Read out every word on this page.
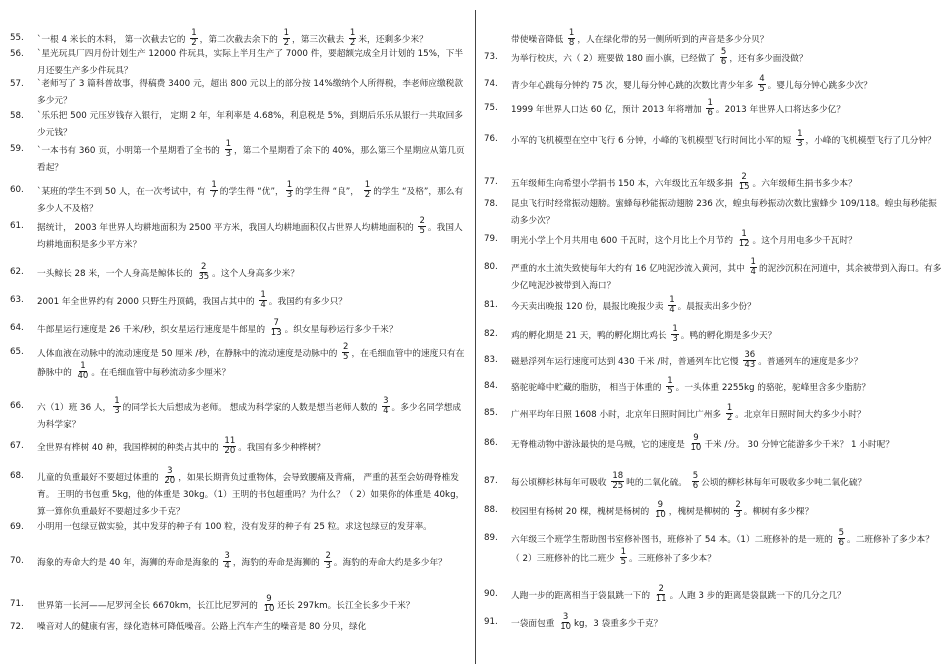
55.	`一根 4 米长的木料， 第一次截去它的 $\frac{1}{2}$ ，第二次截去余下的 $\frac{1}{2}$ ，第三次截去 $\frac{1}{2}$ 米，还剩多少米？
56.	`星光玩具厂四月份计划生产 12000 件玩具，实际上半月生产了 7000 件，要超额完成全月计划的 15%，下半月还要生产多少件玩具？
57.	`老师写了 3 篇科普故事，得稿费 3400 元，超出 800 元以上的部分按 14%缴纳个人所得税，李老师应缴税款多少元？
58.	`乐乐把 500 元压岁钱存入银行， 定期 2 年，年利率是 4.68%，利息税是 5%，到期后乐乐从银行一共取回多少元钱？
59.	`一本书有 360 页，小明第一个星期看了全书的 $\frac{1}{3}$ ，第二个星期看了余下的 40%，那么第三个星期应从第几页看起？
60.	`某班的学生不到 50 人，在一次考试中，有 $\frac{1}{7}$ 的学生得 “优”， $\frac{1}{3}$ 的学生得 “良”， $\frac{1}{2}$ 的学生 “及格”，那么有多少人不及格？
61.	据统计， 2003 年世界人均耕地面积为 2500 平方米，我国人均耕地面积仅占世界人均耕地面积的 $\frac{2}{5}$ 。我国人均耕地面积是多少平方米？
62.	一头鲸长 28 米，一个人身高是鲸体长的 $\frac{2}{35}$ 。这个人身高多少米？
63.	2001 年全世界约有 2000 只野生丹顶鹤，我国占其中的 $\frac{1}{4}$ 。我国约有多少只？
64.	牛郎星运行速度是 26 千米/秒，织女星运行速度是牛郎星的 $\frac{7}{13}$ 。织女星每秒运行多少千米？
65.	人体血液在动脉中的流动速度是 50 厘米 /秒，在静脉中的流动速度是动脉中的 $\frac{2}{5}$ ，在毛细血管中的速度只有在静脉中的 $\frac{1}{40}$ 。在毛细血管中每秒流动多少厘米？
66.	六（1）班 36 人， $\frac{1}{3}$ 的同学长大后想成为老师。 想成为科学家的人数是想当老师人数的 $\frac{3}{4}$ 。多少名同学想成为科学家？
67.	全世界有桦树 40 种，我国桦树的种类占其中的 $\frac{11}{20}$ 。我国有多少种桦树？
68.	儿童的负重最好不要超过体重的 $\frac{3}{20}$ ，如果长期背负过重物体，会导致腰痛及背痛， 严重的甚至会妨碍脊椎发育。 王明的书包重 5kg，他的体重是 30kg。（1）王明的书包超重吗？为什么？（ 2）如果你的体重是 40kg，算一算你负重最好不要超过多少千克？
69.	小明用一包绿豆做实验，其中发芽的种子有 100 粒，没有发芽的种子有 25 粒。求这包绿豆的发芽率。
70.	海象的寿命大约是 40 年，海狮的寿命是海象的 $\frac{3}{4}$ ，海豹的寿命是海狮的 $\frac{2}{3}$ 。海豹的寿命大约是多少年？
71.	世界第一长河——尼罗河全长 6670km，长江比尼罗河的 $\frac{9}{10}$ 还长 297km。长江全长多少千米？
72.	噪音对人的健康有害，绿化造林可降低噪音。公路上汽车产生的噪音是 80 分贝，绿化
带使噪音降低 $\frac{1}{8}$ ，人在绿化带的另一侧所听到的声音是多少分贝？
73.	为举行校庆，六（ 2）班要做 180 面小旗，已经做了 $\frac{5}{6}$ ，还有多少面没做？
74.	青少年心跳每分钟约 75 次，婴儿每分钟心跳的次数比青少年多 $\frac{4}{5}$ 。婴儿每分钟心跳多少次？
75.	1999 年世界人口达 60 亿，预计 2013 年将增加 $\frac{1}{6}$ 。2013 年世界人口将达多少亿？
76.	小军的飞机模型在空中飞行 6 分钟，小峰的飞机模型飞行时间比小军的短 $\frac{1}{3}$ ，小峰的飞机模型飞行了几分钟？
77.	五年级师生向希望小学捐书 150 本，六年级比五年级多捐 $\frac{2}{15}$ 。六年级师生捐书多少本？
78.	昆虫飞行时经常振动翅膀。蜜蜂每秒能振动翅膀 236 次，蝗虫每秒振动次数比蜜蜂少 109/118。蝗虫每秒能振动多少次？
79.	明光小学上个月共用电 600 千瓦时，这个月比上个月节约 $\frac{1}{12}$ 。这个月用电多少千瓦时？
80.	严重的水土流失致使每年大约有 16 亿吨泥沙流入黄河，其中 $\frac{1}{4}$ 的泥沙沉积在河道中，其余被带到入海口。有多少亿吨泥沙被带到入海口？
81.	今天卖出晚报 120 份，晨报比晚报少卖 $\frac{1}{4}$ 。晨报卖出多少份？
82.	鸡的孵化期是 21 天，鸭的孵化期比鸡长 $\frac{1}{3}$ 。鸭的孵化期是多少天？
83.	磁悬浮列车运行速度可达到 430 千米 /时，普通列车比它慢 $\frac{36}{43}$ 。普通列车的速度是多少？
84.	骆驼驼峰中贮藏的脂肪， 相当于体重的 $\frac{1}{5}$ 。一头体重 2255kg 的骆驼，驼峰里含多少脂肪？
85.	广州平均年日照 1608 小时，北京年日照时间比广州多 $\frac{1}{2}$ 。北京年日照时间大约多少小时？
86.	无脊椎动物中游泳最快的是乌贼，它的速度是 $\frac{9}{10}$ 千米 /分。 30 分钟它能游多少千米？ 1 小时呢？
87.	每公顷柳杉林每年可吸收 $\frac{18}{25}$ 吨的二氧化硫。 $\frac{5}{6}$ 公顷的柳杉林每年可吸收多少吨二氧化硫？
88.	校园里有杨树 20 棵，槐树是杨树的 $\frac{9}{10}$ ，槐树是柳树的 $\frac{2}{3}$ 。柳树有多少棵？
89.	六年级三个班学生帮助图书室修补图书，班修补了 54 本。（1）二班修补的是一班的 $\frac{5}{6}$ 。二班修补了多少本？（ 2）三班修补的比二班少 $\frac{1}{5}$ 。三班修补了多少本？
90.	人跑一步的距离相当于袋鼠跳一下的 $\frac{2}{11}$ 。人跑 3 步的距离是袋鼠跳一下的几分之几？
91.	一袋面包重 $\frac{3}{10}$ kg，3 袋重多少千克？
